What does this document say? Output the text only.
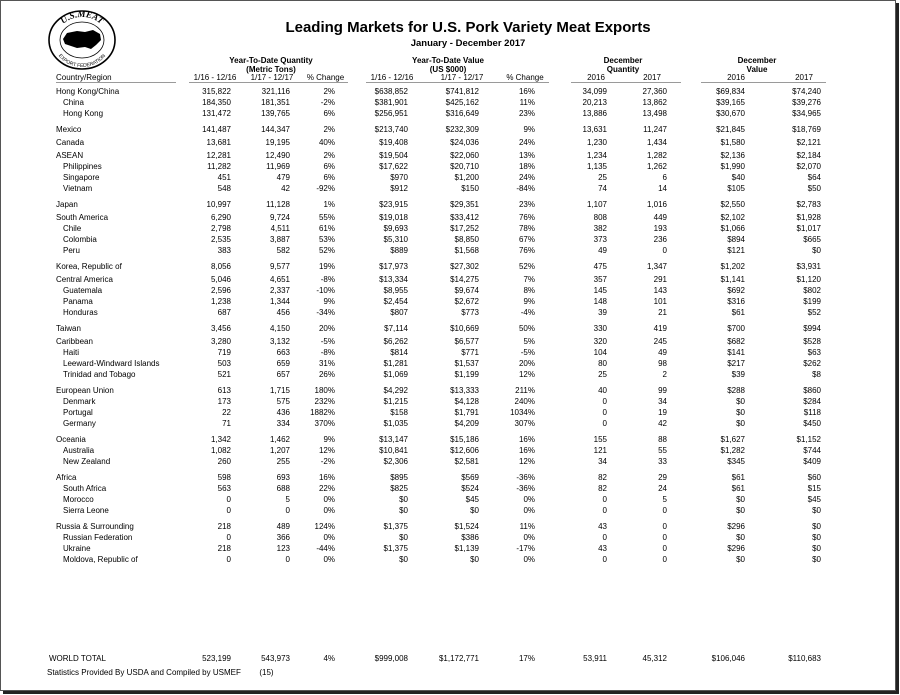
U.S.MEAT
EXPORT FEDERATION
Leading Markets for U.S. Pork Variety Meat Exports
January - December 2017
Year-To-Date Quantity
(Metric Tons)
Year-To-Date Value
(US $000)
December
Quantity
December
Value
Country/Region	1/16 - 12/16	1/17 - 12/17	% Change	1/16 - 12/16	1/17 - 12/17	% Change	2016	2017	2016	2017
Hong Kong/China	315,822	321,116	2%	$638,852	$741,812	16%	34,099	27,360	$69,834	$74,240
China	184,350	181,351	-2%	$381,901	$425,162	11%	20,213	13,862	$39,165	$39,276
Hong Kong	131,472	139,765	6%	$256,951	$316,649	23%	13,886	13,498	$30,670	$34,965
Mexico	141,487	144,347	2%	$213,740	$232,309	9%	13,631	11,247	$21,845	$18,769
Canada	13,681	19,195	40%	$19,408	$24,036	24%	1,230	1,434	$1,580	$2,121
ASEAN	12,281	12,490	2%	$19,504	$22,060	13%	1,234	1,282	$2,136	$2,184
Philippines	11,282	11,969	6%	$17,622	$20,710	18%	1,135	1,262	$1,990	$2,070
Singapore	451	479	6%	$970	$1,200	24%	25	6	$40	$64
Vietnam	548	42	-92%	$912	$150	-84%	74	14	$105	$50
Japan	10,997	11,128	1%	$23,915	$29,351	23%	1,107	1,016	$2,550	$2,783
South America	6,290	9,724	55%	$19,018	$33,412	76%	808	449	$2,102	$1,928
Chile	2,798	4,511	61%	$9,693	$17,252	78%	382	193	$1,066	$1,017
Colombia	2,535	3,887	53%	$5,310	$8,850	67%	373	236	$894	$665
Peru	383	582	52%	$889	$1,568	76%	49	0	$121	$0
Korea, Republic of	8,056	9,577	19%	$17,973	$27,302	52%	475	1,347	$1,202	$3,931
Central America	5,046	4,651	-8%	$13,334	$14,275	7%	357	291	$1,141	$1,120
Guatemala	2,596	2,337	-10%	$8,955	$9,674	8%	145	143	$692	$802
Panama	1,238	1,344	9%	$2,454	$2,672	9%	148	101	$316	$199
Honduras	687	456	-34%	$807	$773	-4%	39	21	$61	$52
Taiwan	3,456	4,150	20%	$7,114	$10,669	50%	330	419	$700	$994
Caribbean	3,280	3,132	-5%	$6,262	$6,577	5%	320	245	$682	$528
Haiti	719	663	-8%	$814	$771	-5%	104	49	$141	$63
Leeward-Windward Islands	503	659	31%	$1,281	$1,537	20%	80	98	$217	$262
Trinidad and Tobago	521	657	26%	$1,069	$1,199	12%	25	2	$39	$8
European Union	613	1,715	180%	$4,292	$13,333	211%	40	99	$288	$860
Denmark	173	575	232%	$1,215	$4,128	240%	0	34	$0	$284
Portugal	22	436	1882%	$158	$1,791	1034%	0	19	$0	$118
Germany	71	334	370%	$1,035	$4,209	307%	0	42	$0	$450
Oceania	1,342	1,462	9%	$13,147	$15,186	16%	155	88	$1,627	$1,152
Australia	1,082	1,207	12%	$10,841	$12,606	16%	121	55	$1,282	$744
New Zealand	260	255	-2%	$2,306	$2,581	12%	34	33	$345	$409
Africa	598	693	16%	$895	$569	-36%	82	29	$61	$60
South Africa	563	688	22%	$825	$524	-36%	82	24	$61	$15
Morocco	0	5	0%	$0	$45	0%	0	5	$0	$45
Sierra Leone	0	0	0%	$0	$0	0%	0	0	$0	$0
Russia & Surrounding	218	489	124%	$1,375	$1,524	11%	43	0	$296	$0
Russian Federation	0	366	0%	$0	$386	0%	0	0	$0	$0
Ukraine	218	123	-44%	$1,375	$1,139	-17%	43	0	$296	$0
Moldova, Republic of	0	0	0%	$0	$0	0%	0	0	$0	$0
WORLD TOTAL	523,199	543,973	4%	$999,008	$1,172,771	17%	53,911	45,312	$106,046	$110,683
Statistics Provided By USDA and Compiled by USMEF (15)
